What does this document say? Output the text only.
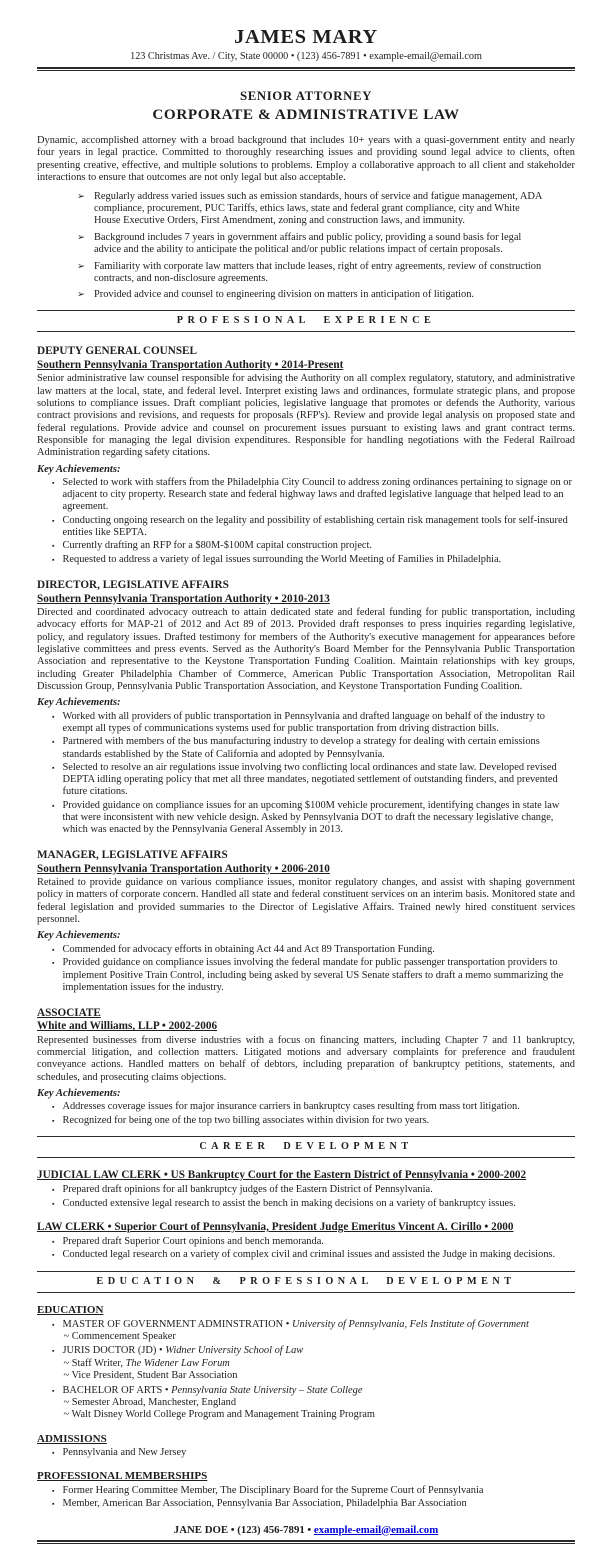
JAMES MARY
123 Christmas Ave. / City, State 00000 • (123) 456-7891 • example-email@email.com
SENIOR ATTORNEY
CORPORATE & ADMINISTRATIVE LAW
Dynamic, accomplished attorney with a broad background that includes 10+ years with a quasi-government entity and nearly four years in legal practice. Committed to thoroughly researching issues and providing sound legal advice to clients, often presenting creative, effective, and multiple solutions to problems. Employ a collaborative approach to all client and stakeholder interactions to ensure that outcomes are not only legal but also acceptable.
➢ Regularly address varied issues such as emission standards, hours of service and fatigue management, ADA compliance, procurement, PUC Tariffs, ethics laws, state and federal grant compliance, city and White House Executive Orders, First Amendment, zoning and construction laws, and immunity.
➢ Background includes 7 years in government affairs and public policy, providing a sound basis for legal advice and the ability to anticipate the political and/or public relations impact of certain proposals.
➢ Familiarity with corporate law matters that include leases, right of entry agreements, review of construction contracts, and non-disclosure agreements.
➢ Provided advice and counsel to engineering division on matters in anticipation of litigation.
PROFESSIONAL EXPERIENCE
DEPUTY GENERAL COUNSEL
Southern Pennsylvania Transportation Authority • 2014-Present
Senior administrative law counsel responsible for advising the Authority on all complex regulatory, statutory, and administrative law matters at the local, state, and federal level. Interpret existing laws and ordinances, formulate strategic plans, and propose solutions to compliance issues. Draft compliant policies, legislative language that promotes or defends the Authority, various contract provisions and revisions, and requests for proposals (RFP's). Review and provide legal analysis on proposed state and federal regulations. Provide advice and counsel on procurement issues pursuant to existing laws and grant contract terms. Responsible for managing the legal division expenditures. Responsible for handling negotiations with the Federal Railroad Administration regarding safety citations.
Key Achievements:
▪ Selected to work with staffers from the Philadelphia City Council to address zoning ordinances pertaining to signage on or adjacent to city property. Research state and federal highway laws and drafted legislative language that helped lead to an agreement.
▪ Conducting ongoing research on the legality and possibility of establishing certain risk management tools for self-insured entities like SEPTA.
▪ Currently drafting an RFP for a $80M-$100M capital construction project.
▪ Requested to address a variety of legal issues surrounding the World Meeting of Families in Philadelphia.
DIRECTOR, LEGISLATIVE AFFAIRS
Southern Pennsylvania Transportation Authority • 2010-2013
Directed and coordinated advocacy outreach to attain dedicated state and federal funding for public transportation, including advocacy efforts for MAP-21 of 2012 and Act 89 of 2013. Provided draft responses to press inquiries regarding legislative, policy, and regulatory issues. Drafted testimony for members of the Authority's executive management for appearances before legislative committees and press events. Served as the Authority's Board Member for the Pennsylvania Public Transportation Association and representative to the Keystone Transportation Funding Coalition. Maintain relationships with key groups, including Greater Philadelphia Chamber of Commerce, American Public Transportation Association, Metropolitan Rail Discussion Group, Pennsylvania Public Transportation Association, and Keystone Transportation Funding Coalition.
Key Achievements:
▪ Worked with all providers of public transportation in Pennsylvania and drafted language on behalf of the industry to exempt all types of communications systems used for public transportation from driving distraction bills.
▪ Partnered with members of the bus manufacturing industry to develop a strategy for dealing with certain emissions standards established by the State of California and adopted by Pennsylvania.
▪ Selected to resolve an air regulations issue involving two conflicting local ordinances and state law. Developed revised DEPTA idling operating policy that met all three mandates, negotiated settlement of outstanding finders, and prevented future citations.
▪ Provided guidance on compliance issues for an upcoming $100M vehicle procurement, identifying changes in state law that were inconsistent with new vehicle design. Asked by Pennsylvania DOT to draft the necessary legislative change, which was enacted by the Pennsylvania General Assembly in 2013.
MANAGER, LEGISLATIVE AFFAIRS
Southern Pennsylvania Transportation Authority • 2006-2010
Retained to provide guidance on various compliance issues, monitor regulatory changes, and assist with shaping government policy in matters of corporate concern. Handled all state and federal constituent services on an interim basis. Monitored state and federal legislation and provided summaries to the Director of Legislative Affairs. Trained newly hired constituent services personnel.
Key Achievements:
▪ Commended for advocacy efforts in obtaining Act 44 and Act 89 Transportation Funding.
▪ Provided guidance on compliance issues involving the federal mandate for public passenger transportation providers to implement Positive Train Control, including being asked by several US Senate staffers to draft a memo summarizing the implementation issues for the industry.
ASSOCIATE
White and Williams, LLP • 2002-2006
Represented businesses from diverse industries with a focus on financing matters, including Chapter 7 and 11 bankruptcy, commercial litigation, and collection matters. Litigated motions and adversary complaints for preference and fraudulent conveyance actions. Handled matters on behalf of debtors, including preparation of bankruptcy petitions, statements, and schedules, and prosecuting claims objections.
Key Achievements:
▪ Addresses coverage issues for major insurance carriers in bankruptcy cases resulting from mass tort litigation.
▪ Recognized for being one of the top two billing associates within division for two years.
CAREER DEVELOPMENT
JUDICIAL LAW CLERK • US Bankruptcy Court for the Eastern District of Pennsylvania • 2000-2002
▪ Prepared draft opinions for all bankruptcy judges of the Eastern District of Pennsylvania.
▪ Conducted extensive legal research to assist the bench in making decisions on a variety of bankruptcy issues.
LAW CLERK • Superior Court of Pennsylvania, President Judge Emeritus Vincent A. Cirillo • 2000
▪ Prepared draft Superior Court opinions and bench memoranda.
▪ Conducted legal research on a variety of complex civil and criminal issues and assisted the Judge in making decisions.
EDUCATION & PROFESSIONAL DEVELOPMENT
EDUCATION
▪ MASTER OF GOVERNMENT ADMINSTRATION • University of Pennsylvania, Fels Institute of Government
~ Commencement Speaker
▪ JURIS DOCTOR (JD) • Widner University School of Law
~ Staff Writer, The Widener Law Forum
~ Vice President, Student Bar Association
▪ BACHELOR OF ARTS • Pennsylvania State University – State College
~ Semester Abroad, Manchester, England
~ Walt Disney World College Program and Management Training Program
ADMISSIONS
▪ Pennsylvania and New Jersey
PROFESSIONAL MEMBERSHIPS
▪ Former Hearing Committee Member, The Disciplinary Board for the Supreme Court of Pennsylvania
▪ Member, American Bar Association, Pennsylvania Bar Association, Philadelphia Bar Association
JANE DOE • (123) 456-7891 • example-email@email.com
